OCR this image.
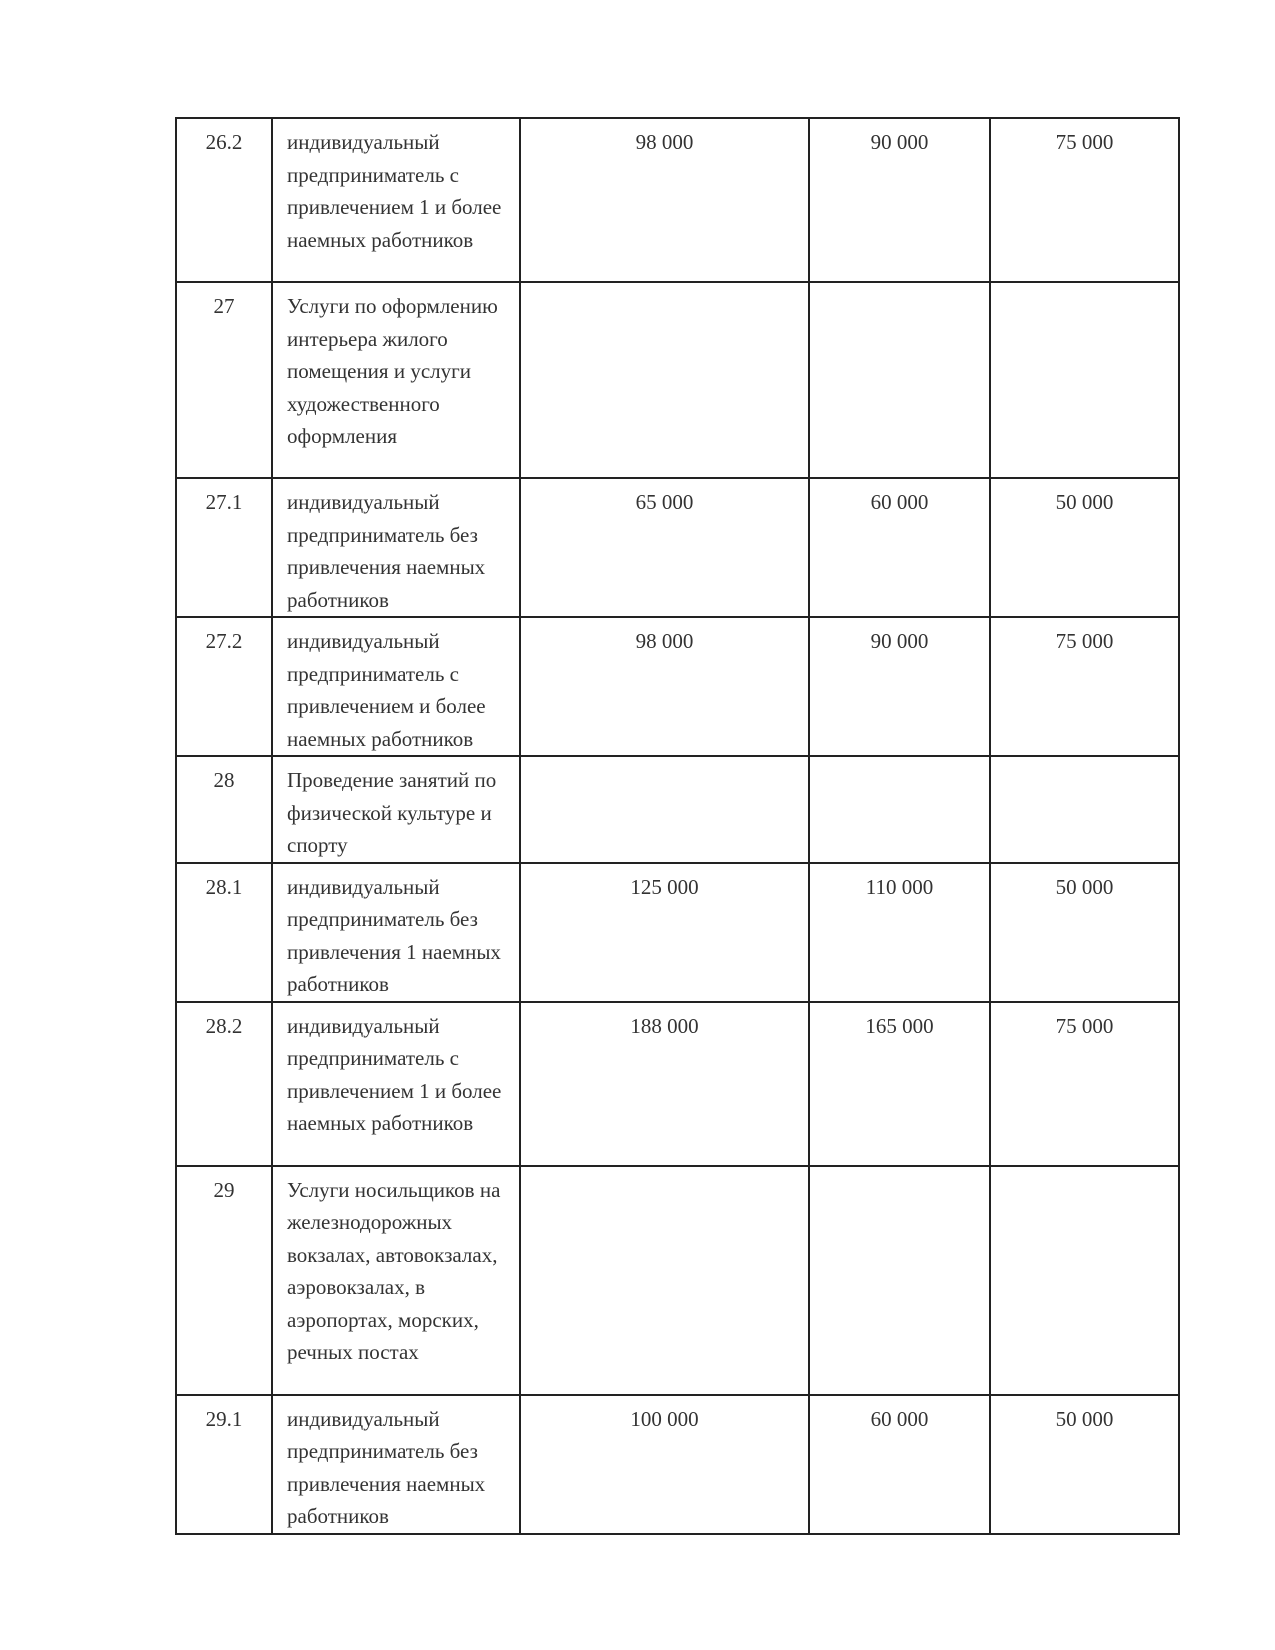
26.2	индивидуальный предприниматель с привлечением 1 и более наемных работников	98 000	90 000	75 000
27	Услуги по оформлению интерьера жилого помещения и услуги художественного оформления			
27.1	индивидуальный предприниматель без привлечения наемных работников	65 000	60 000	50 000
27.2	индивидуальный предприниматель с привлечением и более наемных работников	98 000	90 000	75 000
28	Проведение занятий по физической культуре и спорту			
28.1	индивидуальный предприниматель без привлечения 1 наемных работников	125 000	110 000	50 000
28.2	индивидуальный предприниматель с привлечением 1 и более наемных работников	188 000	165 000	75 000
29	Услуги носильщиков на железнодорожных вокзалах, автовокзалах, аэровокзалах, в аэропортах, морских, речных постах			
29.1	индивидуальный предприниматель без привлечения наемных работников	100 000	60 000	50 000
